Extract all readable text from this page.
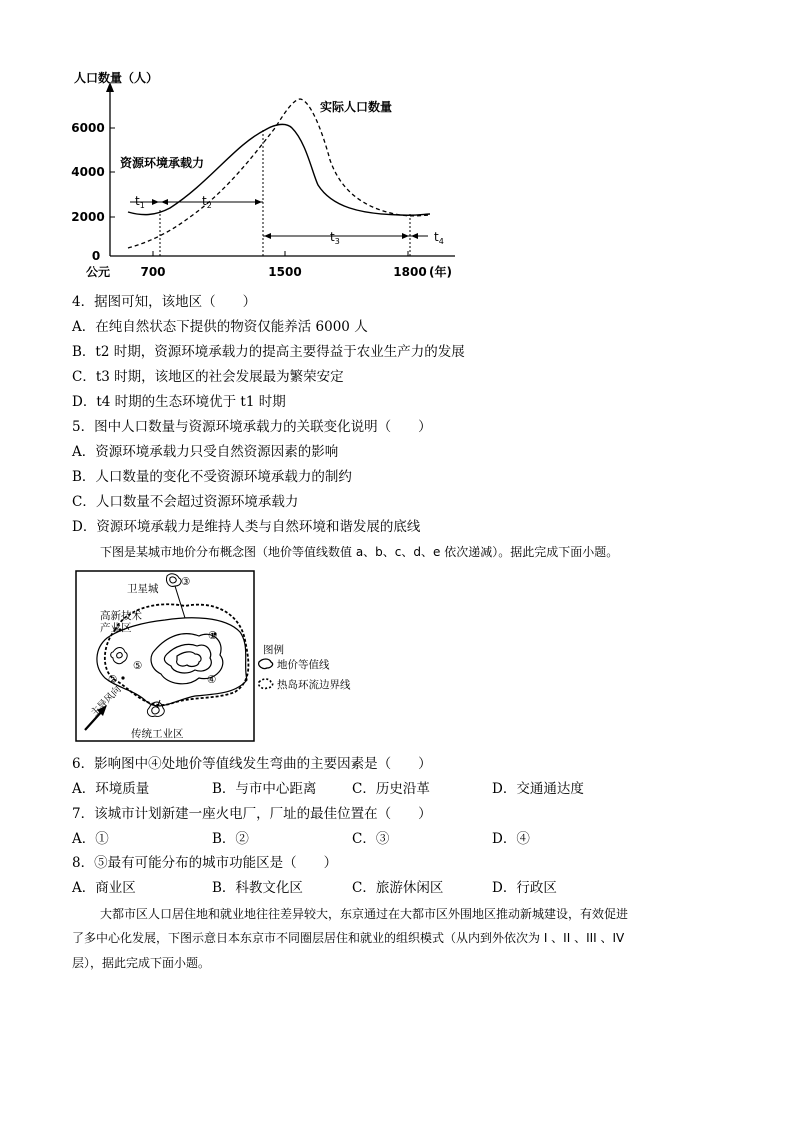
0
2000
4000
6000
公元	700	1500	1800 (年)
人口数量（人）
$t_1$	$t_2$
$t_3$	$t_4$
资源环境承载力
实际人口数量
4．据图可知，该地区（　　）
A．在纯自然状态下提供的物资仅能养活 6000 人
B．t2 时期，资源环境承载力的提高主要得益于农业生产力的发展
C．t3 时期，该地区的社会发展最为繁荣安定
D．t4 时期的生态环境优于 t1 时期
5．图中人口数量与资源环境承载力的关联变化说明（　　）
A．资源环境承载力只受自然资源因素的影响
B．人口数量的变化不受资源环境承载力的制约
C．人口数量不会超过资源环境承载力
D．资源环境承载力是维持人类与自然环境和谐发展的底线
下图是某城市地价分布概念图（地价等值线数值 a、b、c、d、e 依次递减）。据此完成下面小题。
卫星城
③
高新技术
产业区
①
⑤
②	④
主导风向
传统工业区
图例
地价等值线
热岛环流边界线
6．影响图中④处地价等值线发生弯曲的主要因素是（　　）
A．环境质量	B．与市中心距离	C．历史沿革	D．交通通达度
7．该城市计划新建一座火电厂，厂址的最佳位置在（　　）
A．①	B．②	C．③	D．④
8．⑤最有可能分布的城市功能区是（　　）
A．商业区	B．科教文化区	C．旅游休闲区	D．行政区
大都市区人口居住地和就业地往往差异较大，东京通过在大都市区外围地区推动新城建设，有效促进
了多中心化发展，下图示意日本东京市不同圈层居住和就业的组织模式（从内到外依次为 I 、II 、III 、IV
层），据此完成下面小题。
